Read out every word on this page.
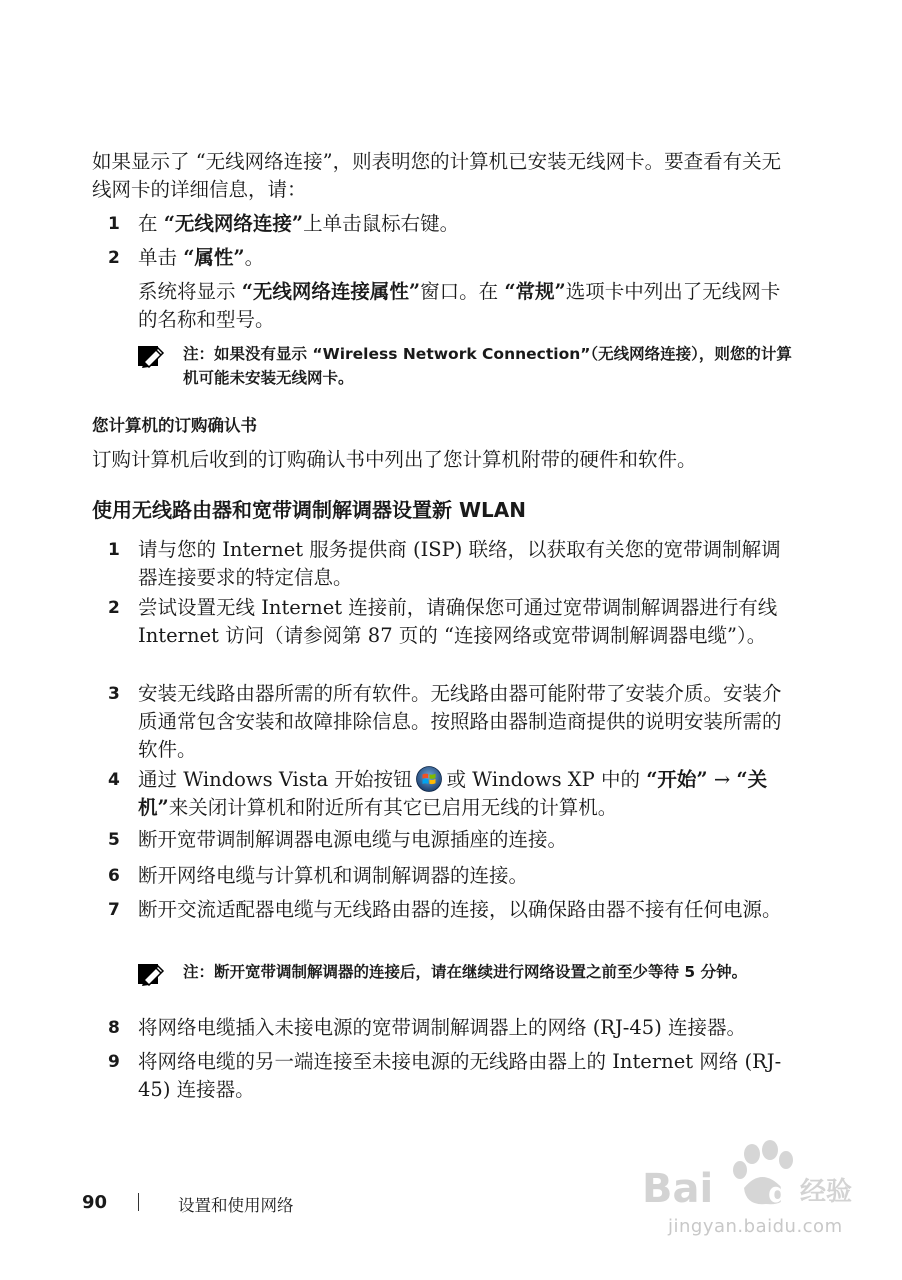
如果显示了 “无线网络连接”，则表明您的计算机已安装无线网卡。要查看有关无线网卡的详细信息，请：

1 在 “无线网络连接”上单击鼠标右键。
2 单击 “属性”。
系统将显示 “无线网络连接属性”窗口。在 “常规”选项卡中列出了无线网卡的名称和型号。
注：如果没有显示 “Wireless Network Connection”（无线网络连接），则您的计算机可能未安装无线网卡。
您计算机的订购确认书

订购计算机后收到的订购确认书中列出了您计算机附带的硬件和软件。

使用无线路由器和宽带调制解调器设置新 WLAN
1 请与您的 Internet 服务提供商 (ISP) 联络，以获取有关您的宽带调制解调器连接要求的特定信息。
2 尝试设置无线 Internet 连接前，请确保您可通过宽带调制解调器进行有线 Internet 访问（请参阅第 87 页的 “连接网络或宽带调制解调器电缆”）。
3 安装无线路由器所需的所有软件。无线路由器可能附带了安装介质。安装介质通常包含安装和故障排除信息。按照路由器制造商提供的说明安装所需的软件。
4 通过 Windows Vista 开始按钮 或 Windows XP 中的 “开始” → “关机”来关闭计算机和附近所有其它已启用无线的计算机。
5 断开宽带调制解调器电源电缆与电源插座的连接。
6 断开网络电缆与计算机和调制解调器的连接。
7 断开交流适配器电缆与无线路由器的连接，以确保路由器不接有任何电源。
注：断开宽带调制解调器的连接后，请在继续进行网络设置之前至少等待 5 分钟。
8 将网络电缆插入未接电源的宽带调制解调器上的网络 (RJ-45) 连接器。
9 将网络电缆的另一端连接至未接电源的无线路由器上的 Internet 网络 (RJ-45) 连接器。
90	设置和使用网络	Bai du
经验
jingyan.baidu.com
